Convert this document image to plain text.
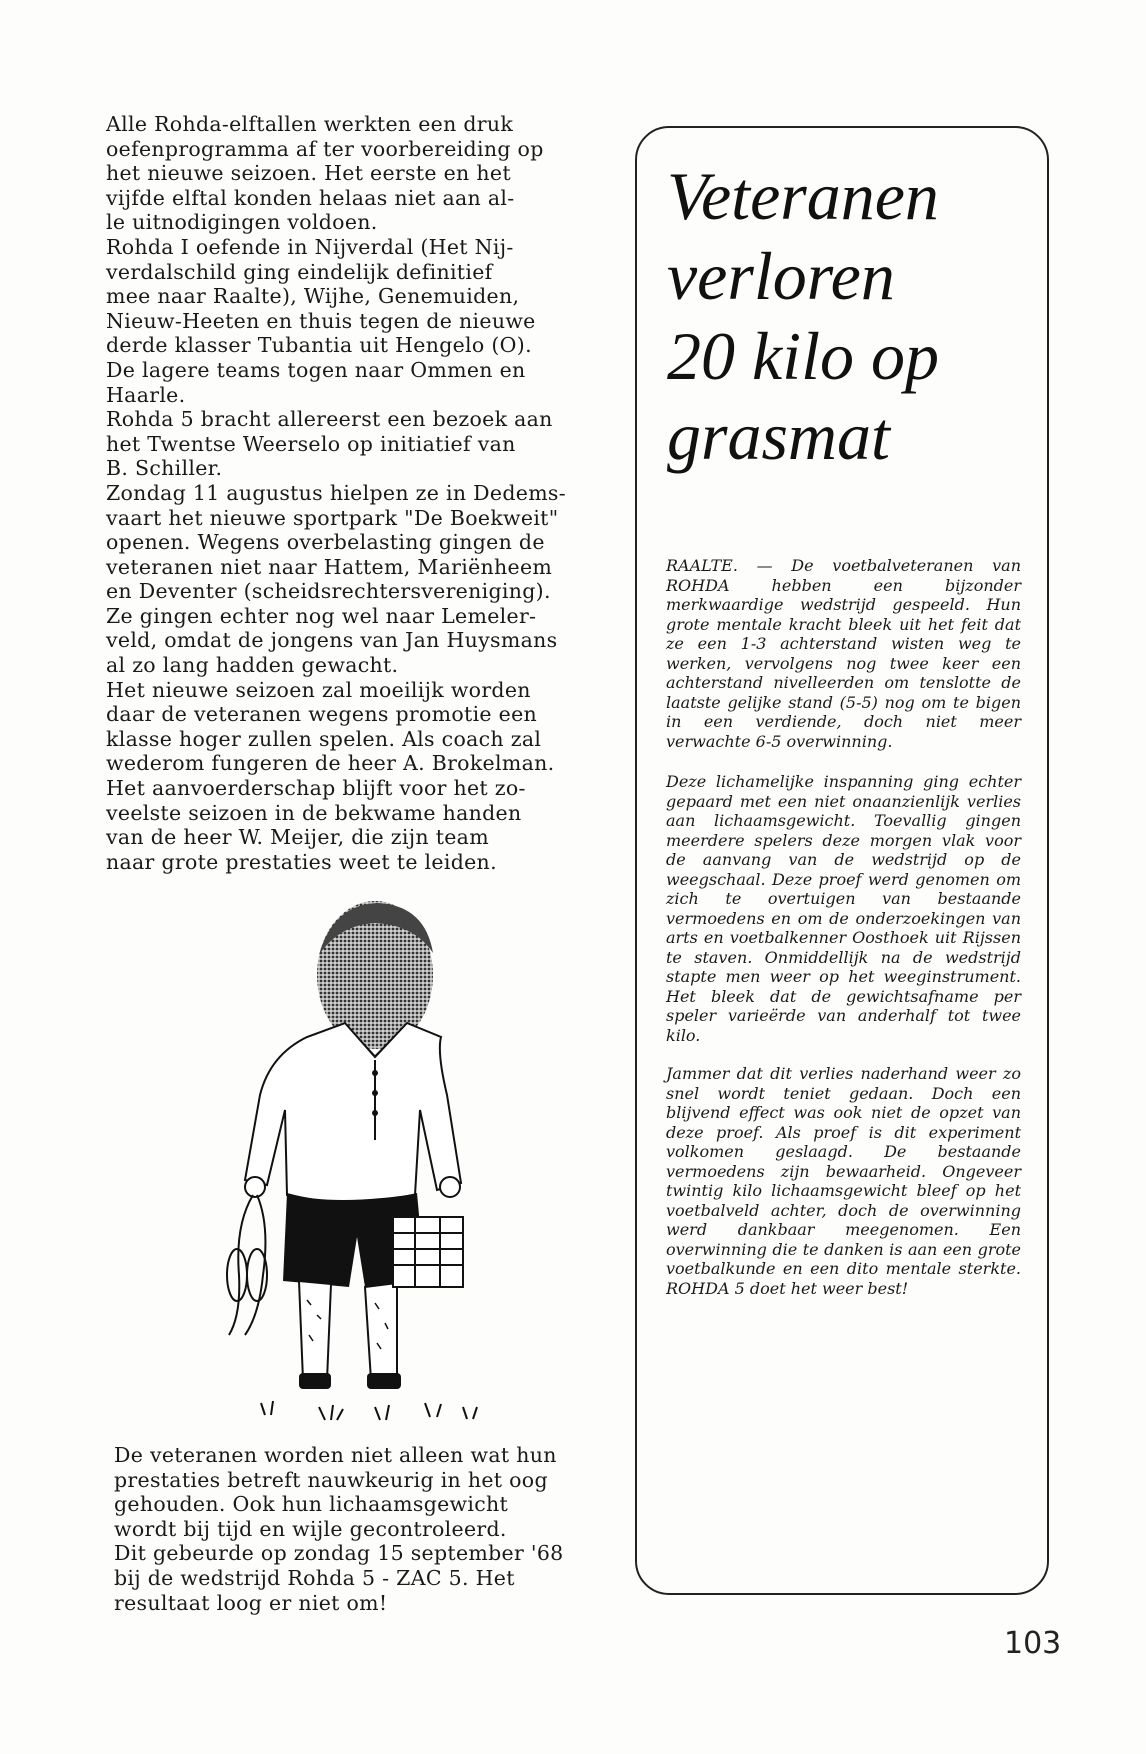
Alle Rohda-elftallen werkten een druk

oefenprogramma af ter voorbereiding op

het nieuwe seizoen. Het eerste en het

vijfde elftal konden helaas niet aan al-

le uitnodigingen voldoen.

Rohda I oefende in Nijverdal (Het Nij-

verdalschild ging eindelijk definitief

mee naar Raalte), Wijhe, Genemuiden,

Nieuw-Heeten en thuis tegen de nieuwe

derde klasser Tubantia uit Hengelo (O).

De lagere teams togen naar Ommen en

Haarle.

Rohda 5 bracht allereerst een bezoek aan

het Twentse Weerselo op initiatief van

B. Schiller.

Zondag 11 augustus hielpen ze in Dedems-

vaart het nieuwe sportpark "De Boekweit"

openen. Wegens overbelasting gingen de

veteranen niet naar Hattem, Mariënheem

en Deventer (scheidsrechtersvereniging).

Ze gingen echter nog wel naar Lemeler-

veld, omdat de jongens van Jan Huysmans

al zo lang hadden gewacht.

Het nieuwe seizoen zal moeilijk worden

daar de veteranen wegens promotie een

klasse hoger zullen spelen. Als coach zal

wederom fungeren de heer A. Brokelman.

Het aanvoerderschap blijft voor het zo-

veelste seizoen in de bekwame handen

van de heer W. Meijer, die zijn team

naar grote prestaties weet te leiden.

De veteranen worden niet alleen wat hun

prestaties betreft nauwkeurig in het oog

gehouden. Ook hun lichaamsgewicht

wordt bij tijd en wijle gecontroleerd.

Dit gebeurde op zondag 15 september '68

bij de wedstrijd Rohda 5 - ZAC 5. Het

resultaat loog er niet om!

Veteranen
verloren
20 kilo op
grasmat

RAALTE. — De voetbalveteranen van ROHDA hebben een bijzonder merkwaardige wedstrijd gespeeld. Hun grote mentale kracht bleek uit het feit dat ze een 1-3 achterstand wisten weg te werken, vervolgens nog twee keer een achterstand nivelleerden om tenslotte de laatste gelijke stand (5-5) nog om te bigen in een verdiende, doch niet meer verwachte 6-5 overwinning.

Deze lichamelijke inspanning ging echter gepaard met een niet onaanzienlijk verlies aan lichaamsgewicht. Toevallig gingen meerdere spelers deze morgen vlak voor de aanvang van de wedstrijd op de weegschaal. Deze proef werd genomen om zich te overtuigen van bestaande vermoedens en om de onderzoekingen van arts en voetbalkenner Oosthoek uit Rijssen te staven. Onmiddellijk na de wedstrijd stapte men weer op het weeginstrument. Het bleek dat de gewichtsafname per speler varieërde van anderhalf tot twee kilo.

Jammer dat dit verlies naderhand weer zo snel wordt teniet gedaan. Doch een blijvend effect was ook niet de opzet van deze proef. Als proef is dit experiment volkomen geslaagd. De bestaande vermoedens zijn bewaarheid. Ongeveer twintig kilo lichaamsgewicht bleef op het voetbalveld achter, doch de overwinning werd dankbaar meegenomen. Een overwinning die te danken is aan een grote voetbalkunde en een dito mentale sterkte. ROHDA 5 doet het weer best!

103
